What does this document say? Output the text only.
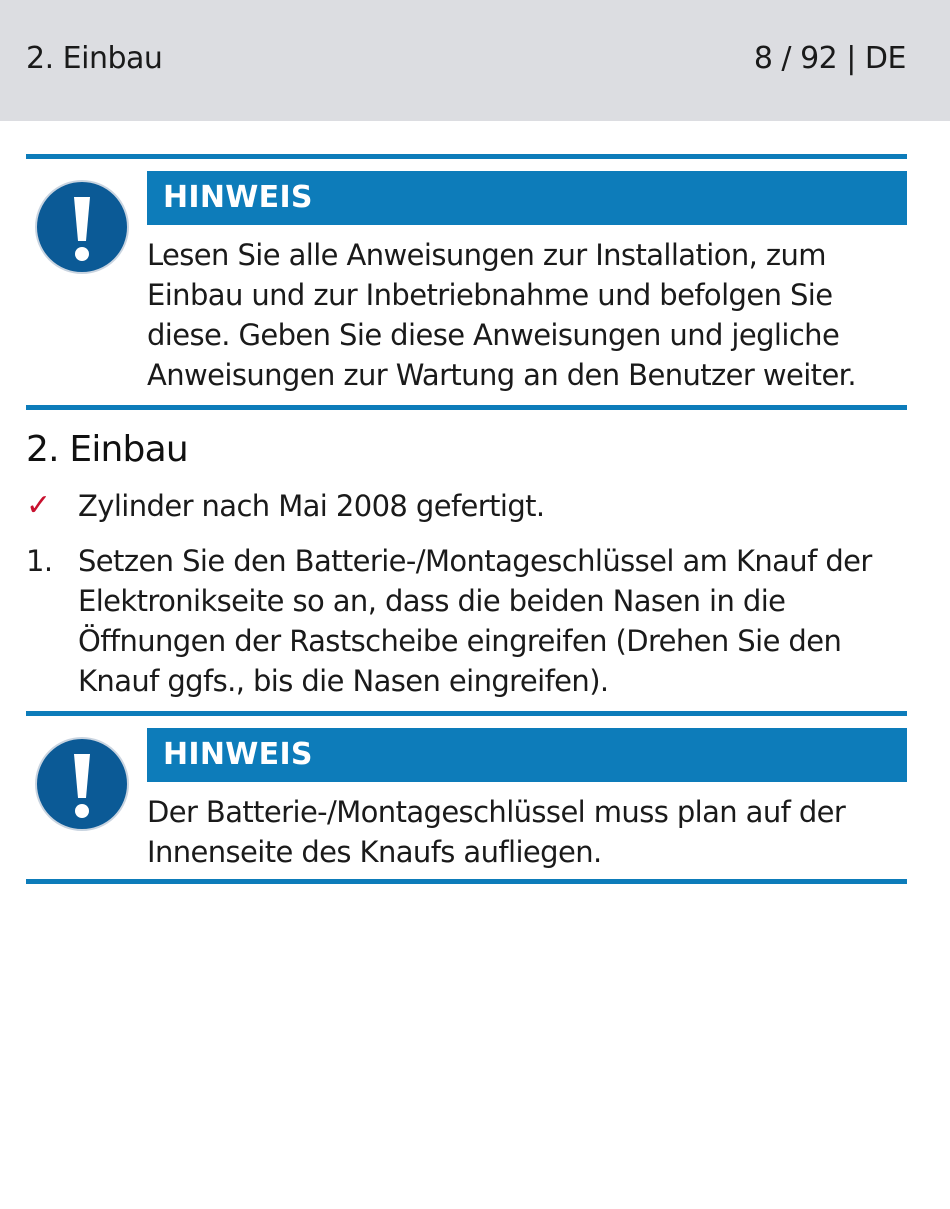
2. Einbau	8 / 92 | DE
HINWEIS
Lesen Sie alle Anweisungen zur Installation, zum Einbau und zur Inbetriebnahme und befolgen Sie diese. Geben Sie diese Anweisungen und jegliche Anweisungen zur Wartung an den Benutzer weiter.
2. Einbau
✓ Zylinder nach Mai 2008 gefertigt.
1. Setzen Sie den Batterie-/Montageschlüssel am Knauf der Elektronikseite so an, dass die beiden Nasen in die Öffnungen der Rastscheibe eingreifen (Drehen Sie den Knauf ggfs., bis die Nasen eingreifen).
HINWEIS
Der Batterie-/Montageschlüssel muss plan auf der Innenseite des Knaufs aufliegen.
